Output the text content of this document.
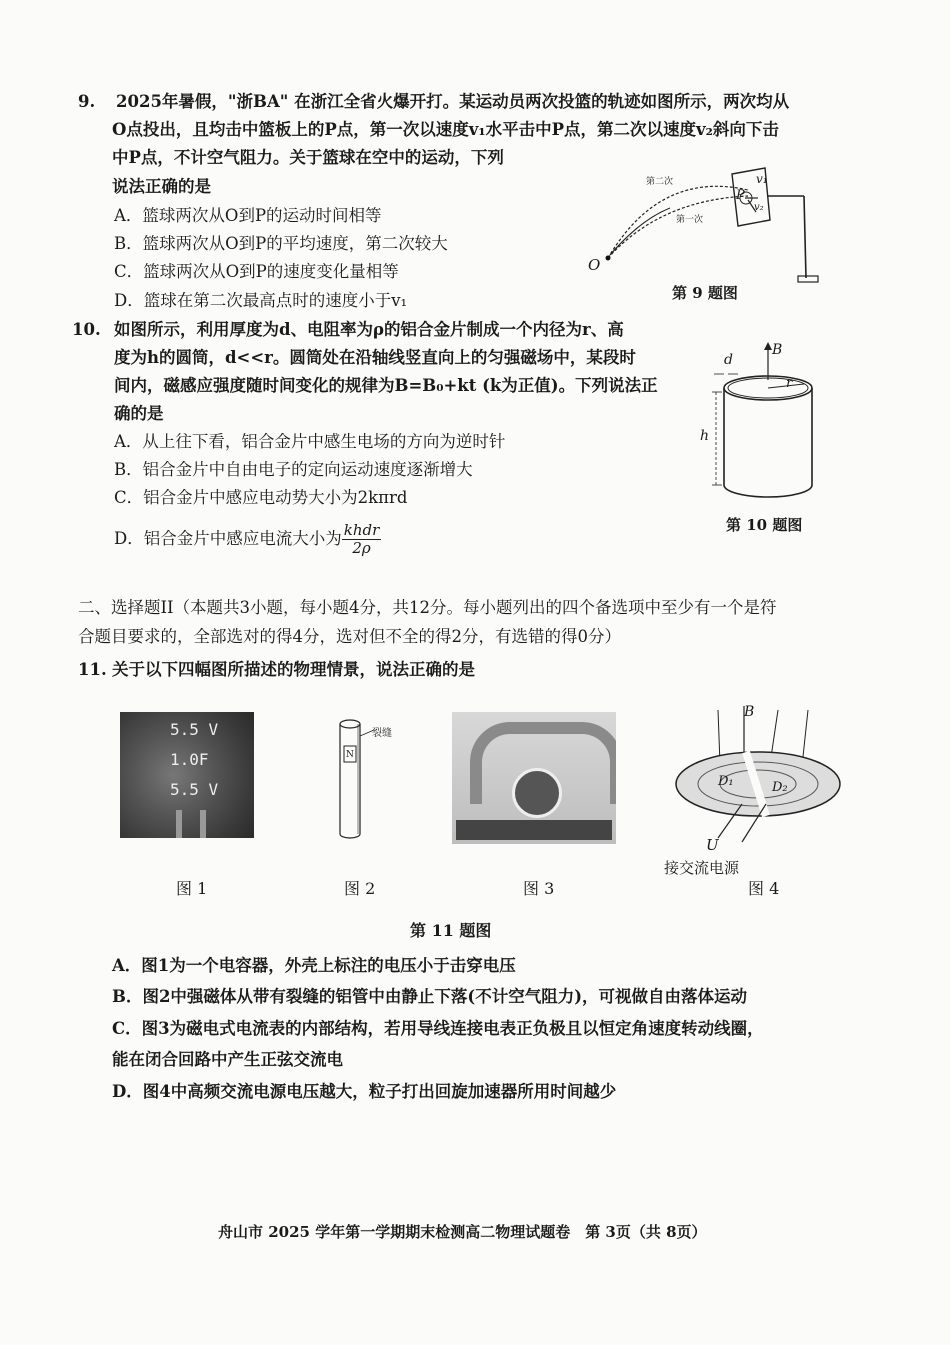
9. 2025年暑假，"浙BA" 在浙江全省火爆开打。某运动员两次投篮的轨迹如图所示，两次均从
O点投出，且均击中篮板上的P点，第一次以速度v₁水平击中P点，第二次以速度v₂斜向下击
中P点，不计空气阻力。关于篮球在空中的运动，下列
说法正确的是
A．篮球两次从O到P的运动时间相等
B．篮球两次从O到P的平均速度，第二次较大
C．篮球两次从O到P的速度变化量相等
D．篮球在第二次最高点时的速度小于v₁
第二次
第一次
O
P
v₁
v₂
第 9 题图
10. 如图所示，利用厚度为d、电阻率为ρ的铝合金片制成一个内径为r、高
度为h的圆筒，d<<r。圆筒处在沿轴线竖直向上的匀强磁场中，某段时
间内，磁感应强度随时间变化的规律为B=B₀+kt (k为正值)。下列说法正
确的是
A．从上往下看，铝合金片中感生电场的方向为逆时针
B．铝合金片中自由电子的定向运动速度逐渐增大
C．铝合金片中感应电动势大小为2kπrd
D．铝合金片中感应电流大小为 $\frac{\text{khdr}}{2\rho}$
d
B
r
h
第 10 题图
二、选择题II（本题共3小题，每小题4分，共12分。每小题列出的四个备选项中至少有一个是符
合题目要求的，全部选对的得4分，选对但不全的得2分，有选错的得0分）
11. 关于以下四幅图所描述的物理情景，说法正确的是
5.5 V
1.0F
5.5 V
图 1
裂缝
N
图 2	图 3
B
D₁	D₂
U
接交流电源
图 4
第 11 题图
A．图1为一个电容器，外壳上标注的电压小于击穿电压
B．图2中强磁体从带有裂缝的铝管中由静止下落(不计空气阻力)，可视做自由落体运动
C．图3为磁电式电流表的内部结构，若用导线连接电表正负极且以恒定角速度转动线圈，
能在闭合回路中产生正弦交流电
D．图4中高频交流电源电压越大，粒子打出回旋加速器所用时间越少
舟山市 2025 学年第一学期期末检测高二物理试题卷　第 3页（共 8页）
